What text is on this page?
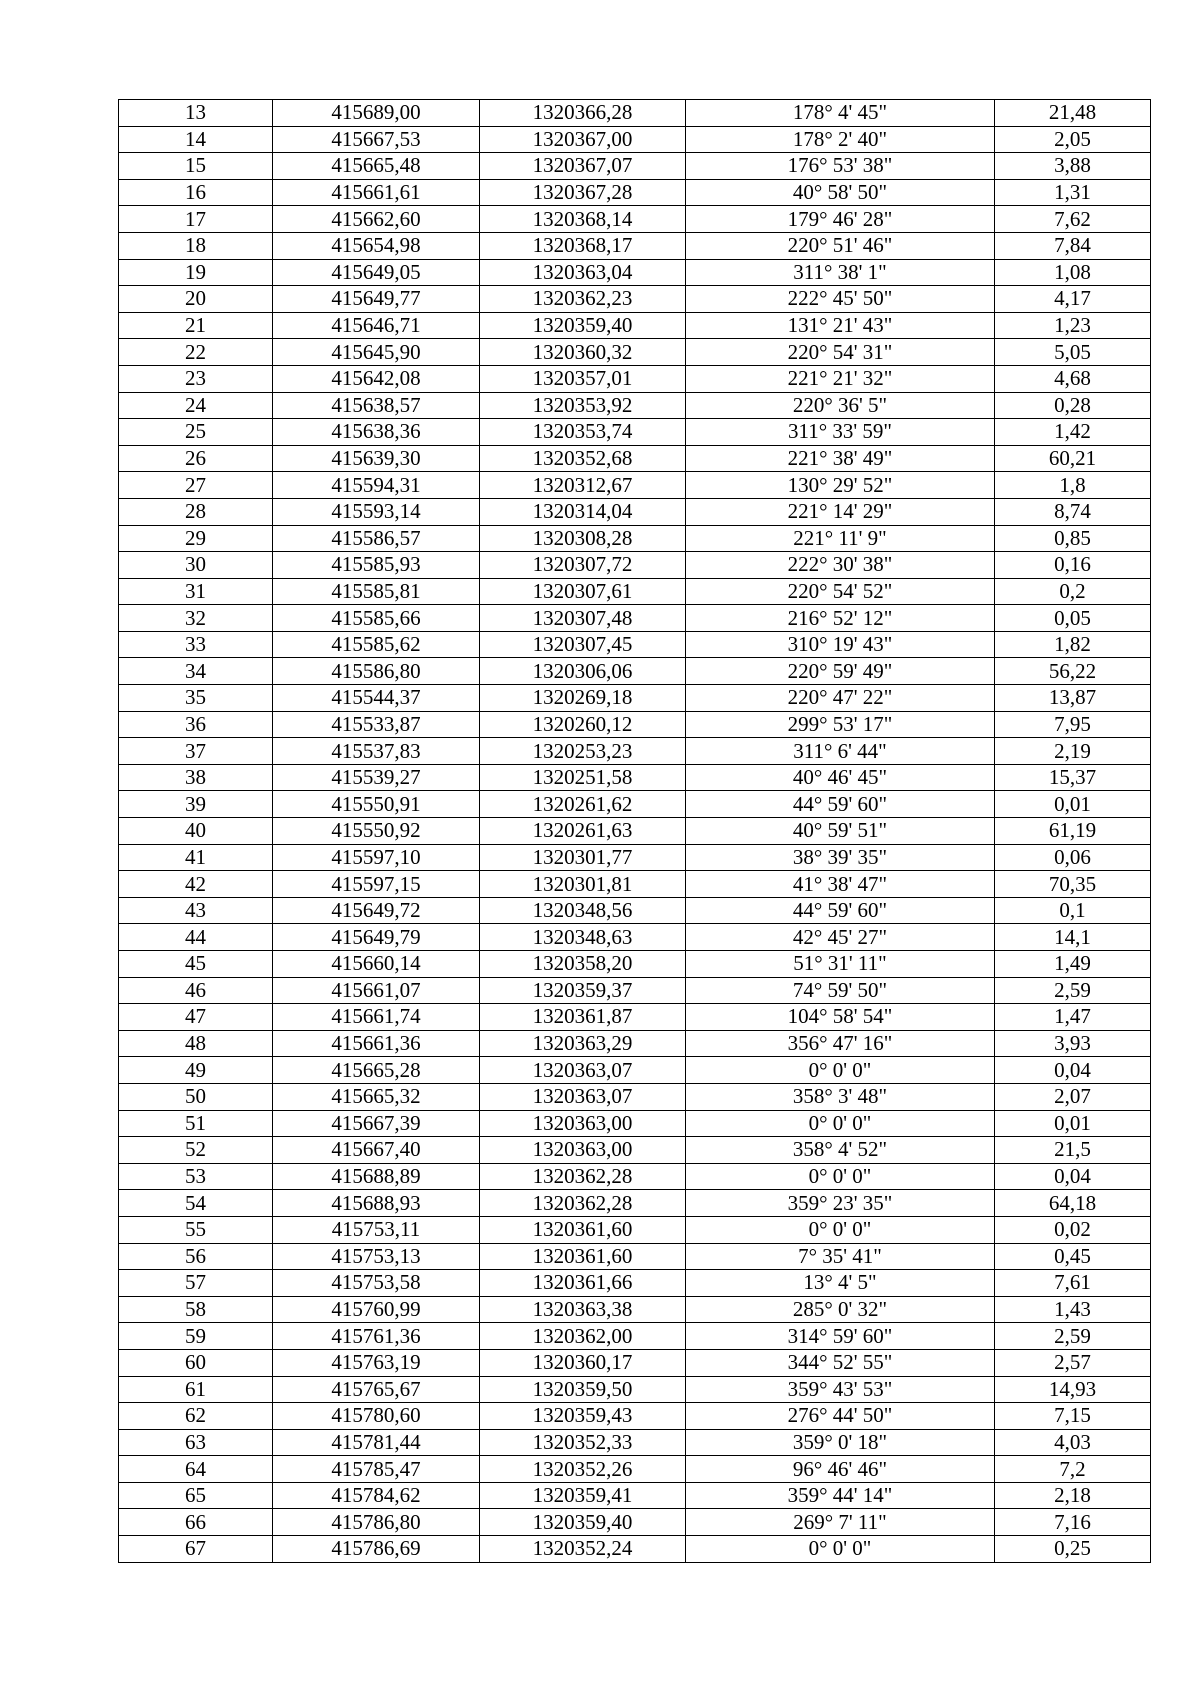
13	415689,00	1320366,28	178° 4' 45"	21,48
14	415667,53	1320367,00	178° 2' 40"	2,05
15	415665,48	1320367,07	176° 53' 38"	3,88
16	415661,61	1320367,28	40° 58' 50"	1,31
17	415662,60	1320368,14	179° 46' 28"	7,62
18	415654,98	1320368,17	220° 51' 46"	7,84
19	415649,05	1320363,04	311° 38' 1"	1,08
20	415649,77	1320362,23	222° 45' 50"	4,17
21	415646,71	1320359,40	131° 21' 43"	1,23
22	415645,90	1320360,32	220° 54' 31"	5,05
23	415642,08	1320357,01	221° 21' 32"	4,68
24	415638,57	1320353,92	220° 36' 5"	0,28
25	415638,36	1320353,74	311° 33' 59"	1,42
26	415639,30	1320352,68	221° 38' 49"	60,21
27	415594,31	1320312,67	130° 29' 52"	1,8
28	415593,14	1320314,04	221° 14' 29"	8,74
29	415586,57	1320308,28	221° 11' 9"	0,85
30	415585,93	1320307,72	222° 30' 38"	0,16
31	415585,81	1320307,61	220° 54' 52"	0,2
32	415585,66	1320307,48	216° 52' 12"	0,05
33	415585,62	1320307,45	310° 19' 43"	1,82
34	415586,80	1320306,06	220° 59' 49"	56,22
35	415544,37	1320269,18	220° 47' 22"	13,87
36	415533,87	1320260,12	299° 53' 17"	7,95
37	415537,83	1320253,23	311° 6' 44"	2,19
38	415539,27	1320251,58	40° 46' 45"	15,37
39	415550,91	1320261,62	44° 59' 60"	0,01
40	415550,92	1320261,63	40° 59' 51"	61,19
41	415597,10	1320301,77	38° 39' 35"	0,06
42	415597,15	1320301,81	41° 38' 47"	70,35
43	415649,72	1320348,56	44° 59' 60"	0,1
44	415649,79	1320348,63	42° 45' 27"	14,1
45	415660,14	1320358,20	51° 31' 11"	1,49
46	415661,07	1320359,37	74° 59' 50"	2,59
47	415661,74	1320361,87	104° 58' 54"	1,47
48	415661,36	1320363,29	356° 47' 16"	3,93
49	415665,28	1320363,07	0° 0' 0"	0,04
50	415665,32	1320363,07	358° 3' 48"	2,07
51	415667,39	1320363,00	0° 0' 0"	0,01
52	415667,40	1320363,00	358° 4' 52"	21,5
53	415688,89	1320362,28	0° 0' 0"	0,04
54	415688,93	1320362,28	359° 23' 35"	64,18
55	415753,11	1320361,60	0° 0' 0"	0,02
56	415753,13	1320361,60	7° 35' 41"	0,45
57	415753,58	1320361,66	13° 4' 5"	7,61
58	415760,99	1320363,38	285° 0' 32"	1,43
59	415761,36	1320362,00	314° 59' 60"	2,59
60	415763,19	1320360,17	344° 52' 55"	2,57
61	415765,67	1320359,50	359° 43' 53"	14,93
62	415780,60	1320359,43	276° 44' 50"	7,15
63	415781,44	1320352,33	359° 0' 18"	4,03
64	415785,47	1320352,26	96° 46' 46"	7,2
65	415784,62	1320359,41	359° 44' 14"	2,18
66	415786,80	1320359,40	269° 7' 11"	7,16
67	415786,69	1320352,24	0° 0' 0"	0,25
